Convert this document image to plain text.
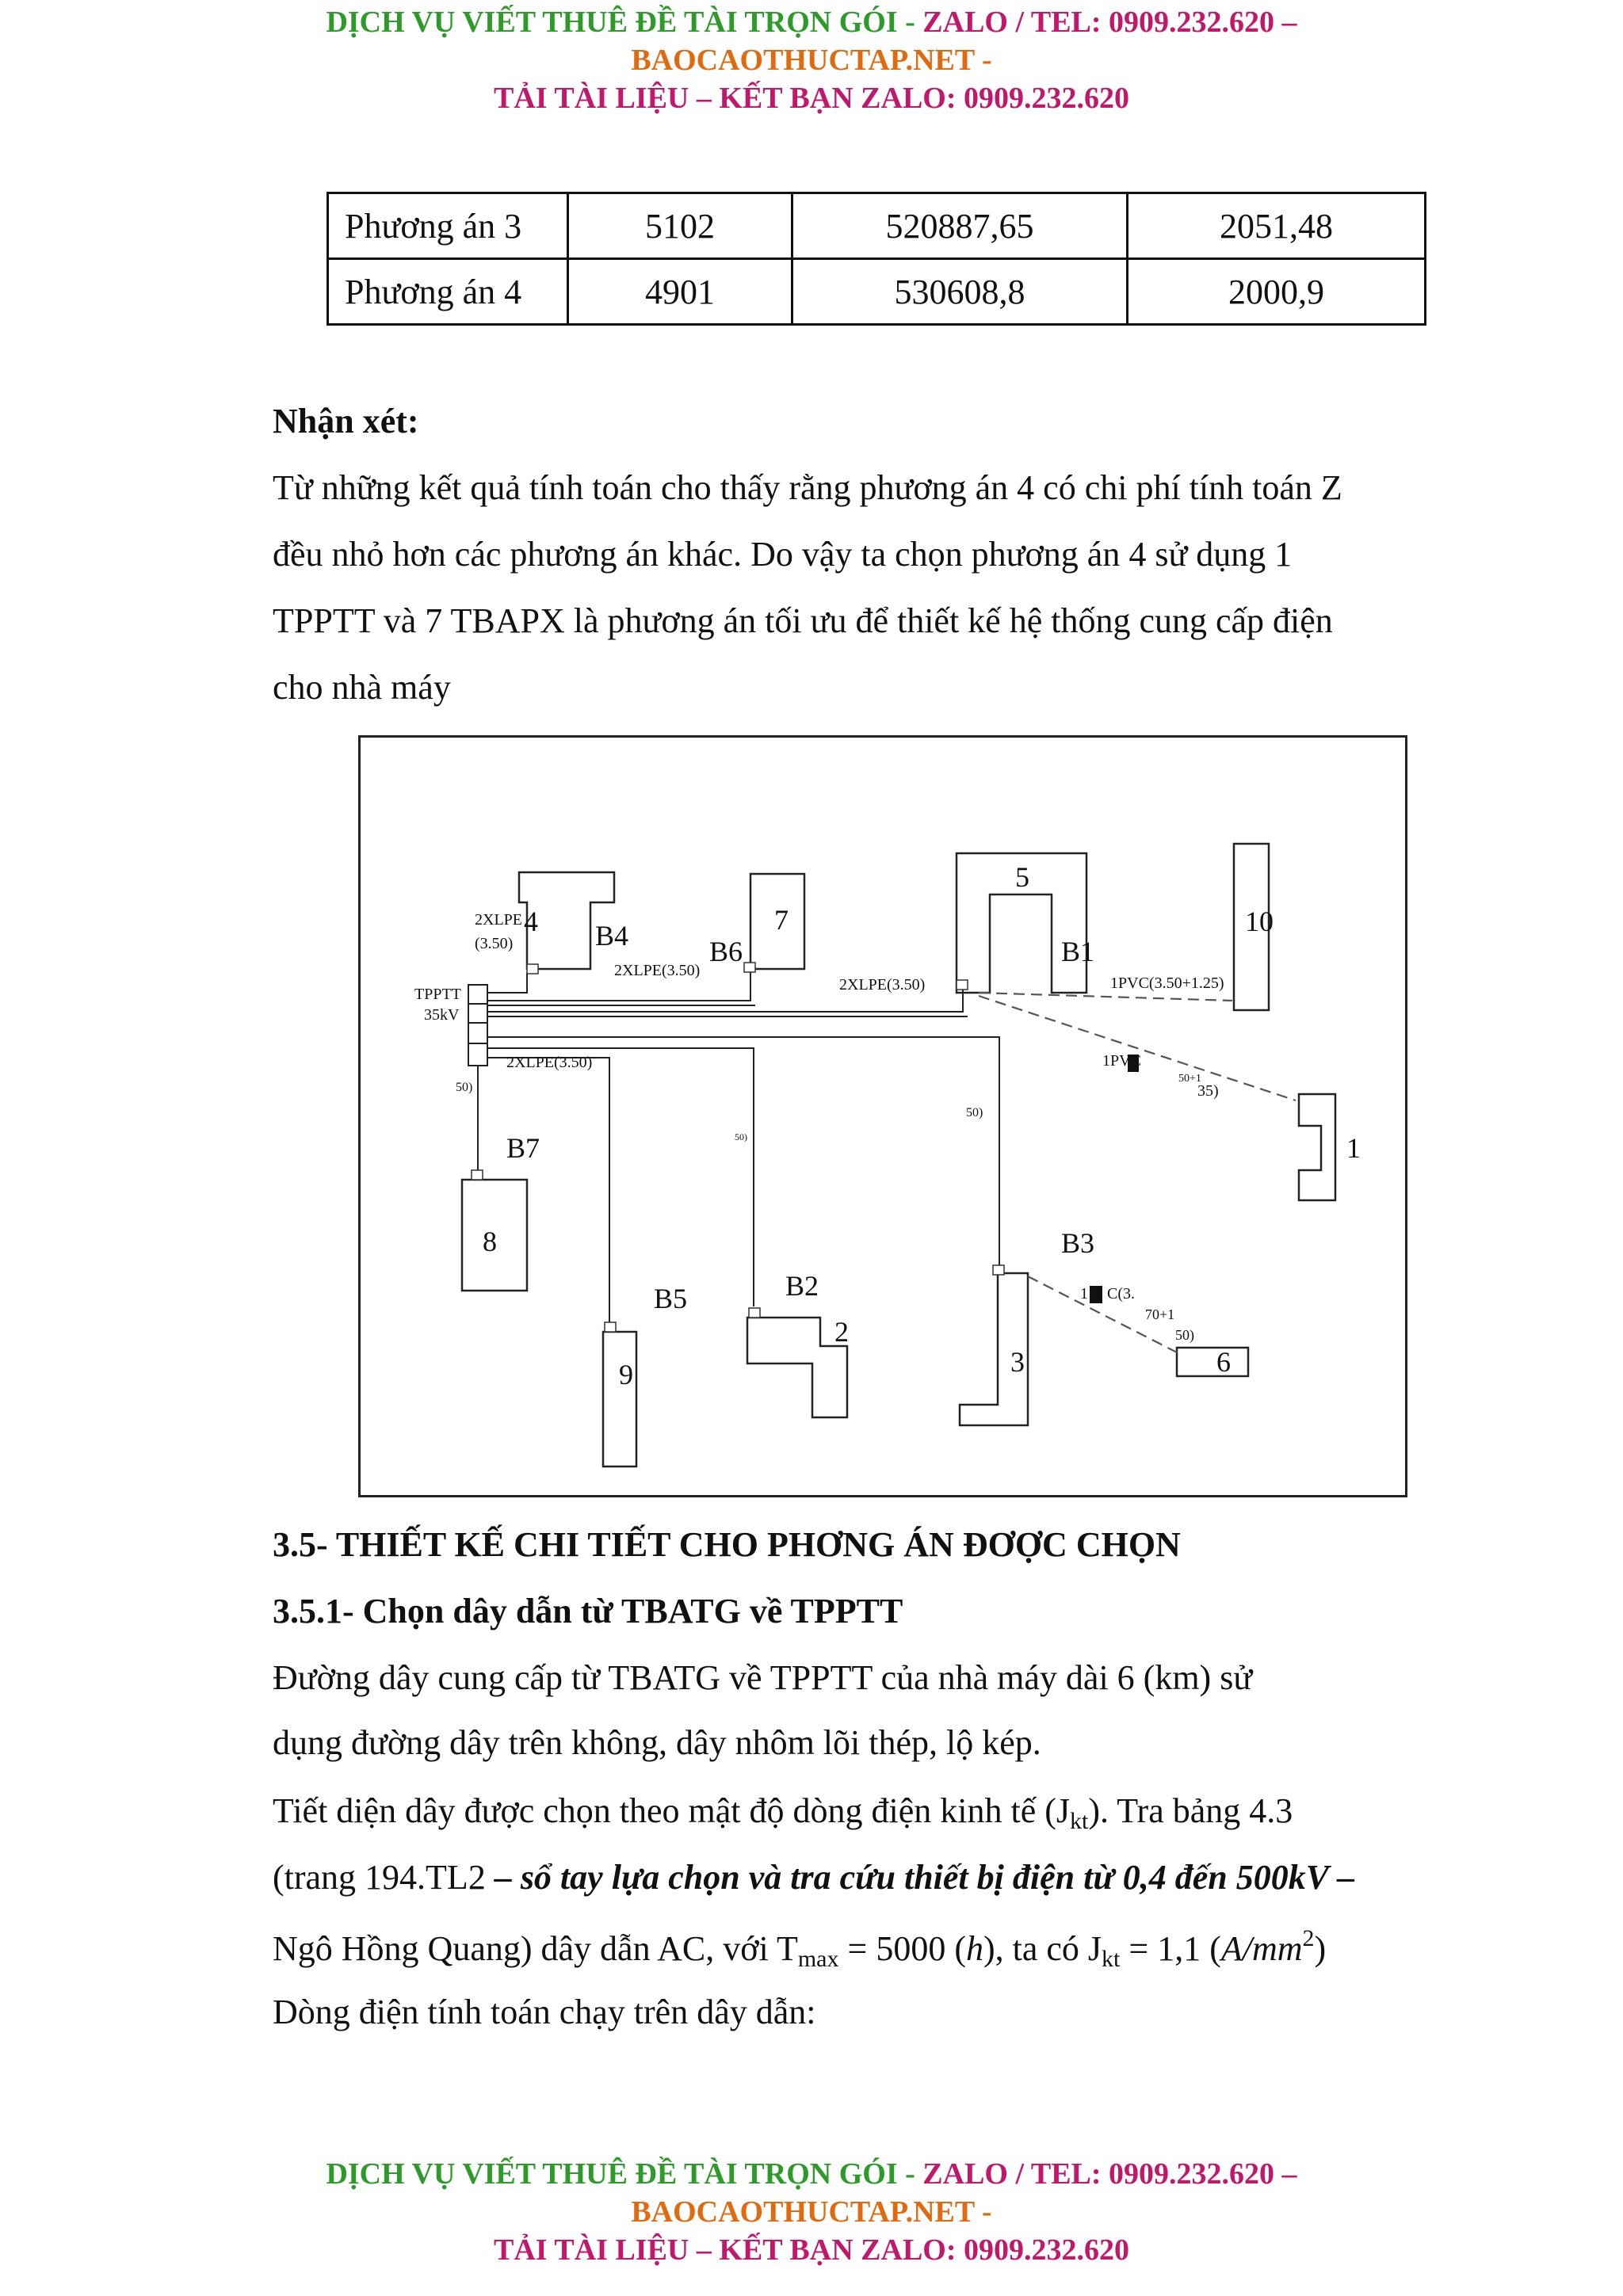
DỊCH VỤ VIẾT THUÊ ĐỀ TÀI TRỌN GÓI - ZALO / TEL: 0909.232.620 –
BAOCAOTHUCTAP.NET -
TẢI TÀI LIỆU – KẾT BẠN ZALO: 0909.232.620
Phương án 3	5102	520887,65	2051,48
Phương án 4	4901	530608,8	2000,9

Nhận xét:

Từ những kết quả tính toán cho thấy rằng phương án 4 có chi phí tính toán Z

đều nhỏ hơn các phương án khác. Do vậy ta chọn phương án 4 sử dụng 1

TPPTT và 7 TBAPX là phương án tối ưu để thiết kế hệ thống cung cấp điện

cho nhà máy

4	7
5
10
1
8
9
2
3	6
B1
B2
B3
B4
B5
B6
B7
TPPTT
35kV
2XLPE
(3.50)
2XLPE(3.50)
2XLPE(3.50)
2XLPE(3.50)
1PVC(3.50+1.25)
1PVC
50+1
35)
1 C(3.
70+1
50)
50)
50)
50)

3.5- THIẾT KẾ CHI TIẾT CHO PHƠNG ÁN ĐƠỢC CHỌN

3.5.1- Chọn dây dẫn từ TBATG về TPPTT

Đường dây cung cấp từ TBATG về TPPTT của nhà máy dài 6 (km) sử

dụng đường dây trên không, dây nhôm lõi thép, lộ kép.

Tiết diện dây được chọn theo mật độ dòng điện kinh tế $(J_{kt})$. Tra bảng 4.3

(trang 194.TL2 – sổ tay lựa chọn và tra cứu thiết bị điện từ 0,4 đến 500kV –

Ngô Hồng Quang) dây dẫn AC, với $T_{max} = 5000$ (h), ta có $J_{kt} = 1,1$ $(A/mm^2)$

Dòng điện tính toán chạy trên dây dẫn:

DỊCH VỤ VIẾT THUÊ ĐỀ TÀI TRỌN GÓI - ZALO / TEL: 0909.232.620 –
BAOCAOTHUCTAP.NET -
TẢI TÀI LIỆU – KẾT BẠN ZALO: 0909.232.620
